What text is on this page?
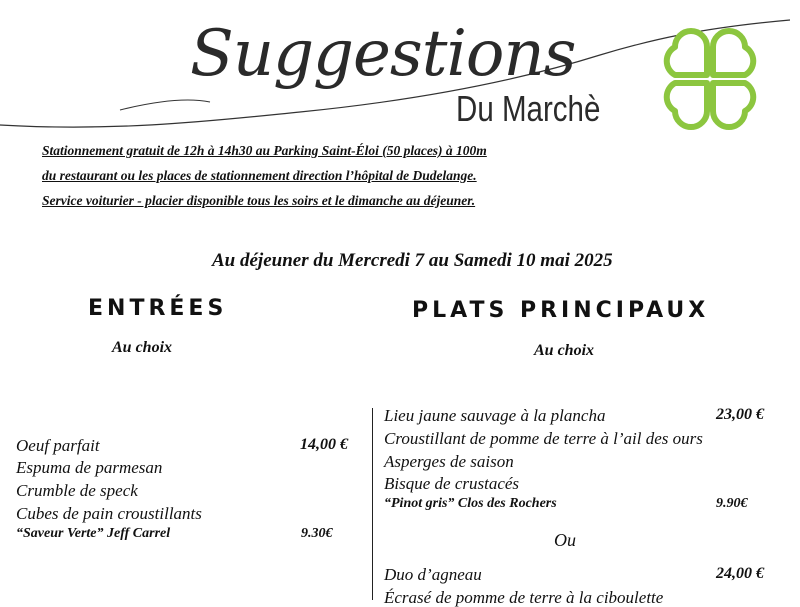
Suggestions
Du Marchè
Stationnement gratuit de 12h à 14h30 au Parking Saint-Éloi (50 places) à 100m
du restaurant ou les places de stationnement direction l’hôpital de Dudelange.
Service voiturier - placier disponible tous les soirs et le dimanche au déjeuner.
Au déjeuner du Mercredi 7 au Samedi 10 mai 2025
ENTRÉES
Au choix
Oeuf parfait	14,00 €
Espuma de parmesan
Crumble de speck
Cubes de pain croustillants
“Saveur Verte” Jeff Carrel	9.30€
PLATS PRINCIPAUX
Au choix
Lieu jaune sauvage à la plancha	23,00 €
Croustillant de pomme de terre à l’ail des ours
Asperges de saison
Bisque de crustacés
“Pinot gris” Clos des Rochers	9.90€
Ou
Duo d’agneau	24,00 €
Écrasé de pomme de terre à la ciboulette
